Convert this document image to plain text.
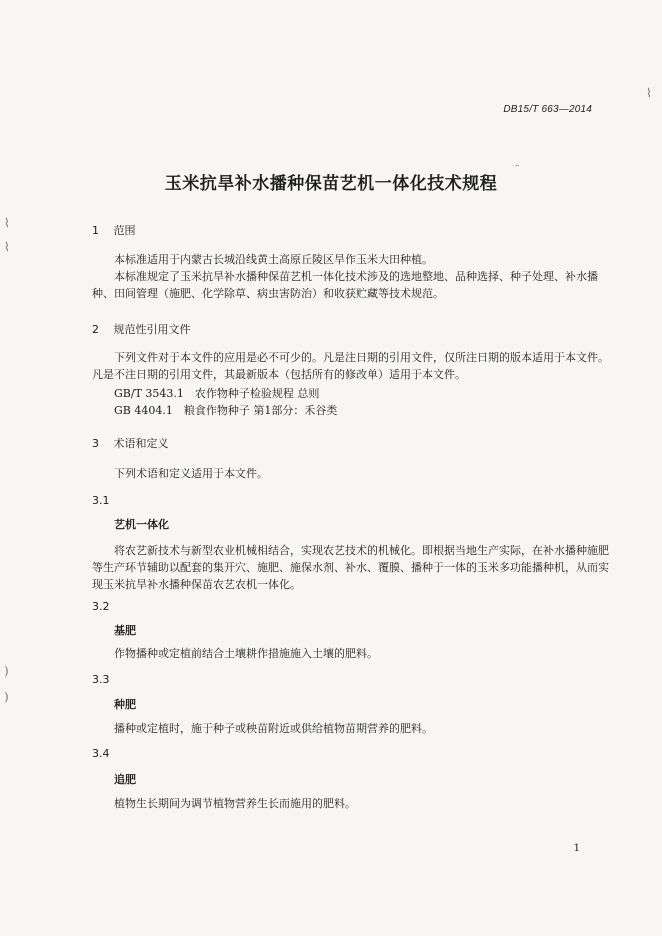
⌇
⌇
)
)
⌇
DB15/T 663—2014
玉米抗旱补水播种保苗艺机一体化技术规程
¨
1 范围
本标准适用于内蒙古长城沿线黄土高原丘陵区旱作玉米大田种植。
本标准规定了玉米抗旱补水播种保苗艺机一体化技术涉及的选地整地、品种选择、种子处理、补水播种、田间管理（施肥、化学除草、病虫害防治）和收获贮藏等技术规范。
2 规范性引用文件
下列文件对于本文件的应用是必不可少的。凡是注日期的引用文件，仅所注日期的版本适用于本文件。凡是不注日期的引用文件，其最新版本（包括所有的修改单）适用于本文件。
GB/T 3543.1　农作物种子检验规程 总则
GB 4404.1　粮食作物种子 第1部分：禾谷类
3 术语和定义
下列术语和定义适用于本文件。
3.1
艺机一体化
将农艺新技术与新型农业机械相结合，实现农艺技术的机械化。即根据当地生产实际，在补水播种施肥等生产环节辅助以配套的集开穴、施肥、施保水剂、补水、覆膜、播种于一体的玉米多功能播种机，从而实现玉米抗旱补水播种保苗农艺农机一体化。
3.2
基肥
作物播种或定植前结合土壤耕作措施施入土壤的肥料。
3.3
种肥
播种或定植时，施于种子或秧苗附近或供给植物苗期营养的肥料。
3.4
追肥
植物生长期间为调节植物营养生长而施用的肥料。
1
